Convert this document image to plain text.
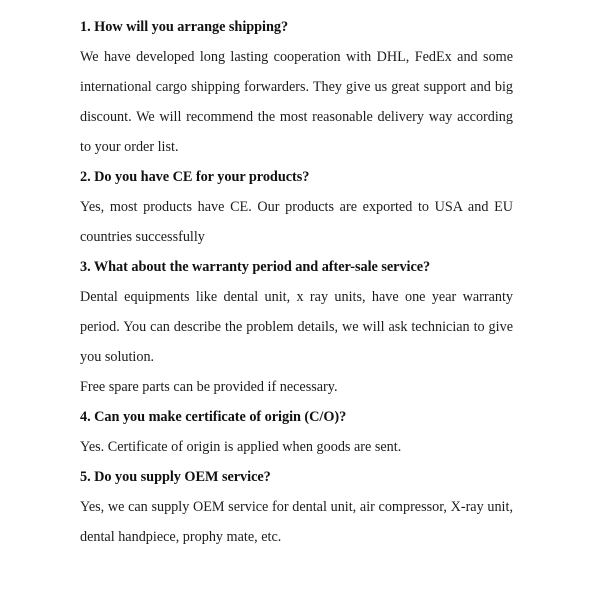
1. How will you arrange shipping?

We have developed long lasting cooperation with DHL, FedEx and some international cargo shipping forwarders. They give us great support and big discount. We will recommend the most reasonable delivery way according to your order list.

2. Do you have CE for your products?

Yes, most products have CE. Our products are exported to USA and EU countries successfully

3. What about the warranty period and after-sale service?

Dental equipments like dental unit, x ray units, have one year warranty period. You can describe the problem details, we will ask technician to give you solution.

Free spare parts can be provided if necessary.

4. Can you make certificate of origin (C/O)?

Yes. Certificate of origin is applied when goods are sent.

5. Do you supply OEM service?

Yes, we can supply OEM service for dental unit, air compressor, X-ray unit, dental handpiece, prophy mate, etc.
